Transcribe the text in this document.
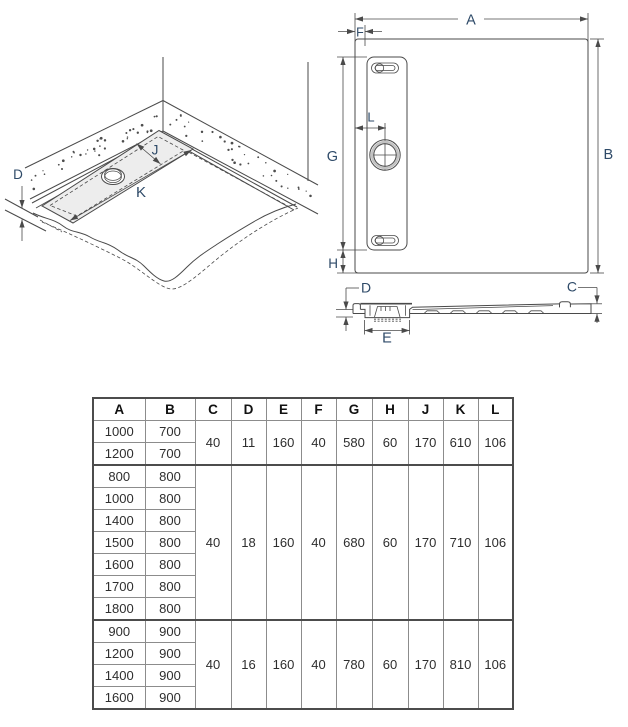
J
K
D
A
F
B
G
H
L
D	C
E
A	B	C	D	E	F	G	H	J	K	L
1000	700	40	11	160	40	580	60	170	610	106
1200	700									
800	800	40	18	160	40	680	60	170	710	106
1000	800									
1400	800									
1500	800									
1600	800									
1700	800									
1800	800									
900	900	40	16	160	40	780	60	170	810	106
1200	900									
1400	900									
1600	900									
